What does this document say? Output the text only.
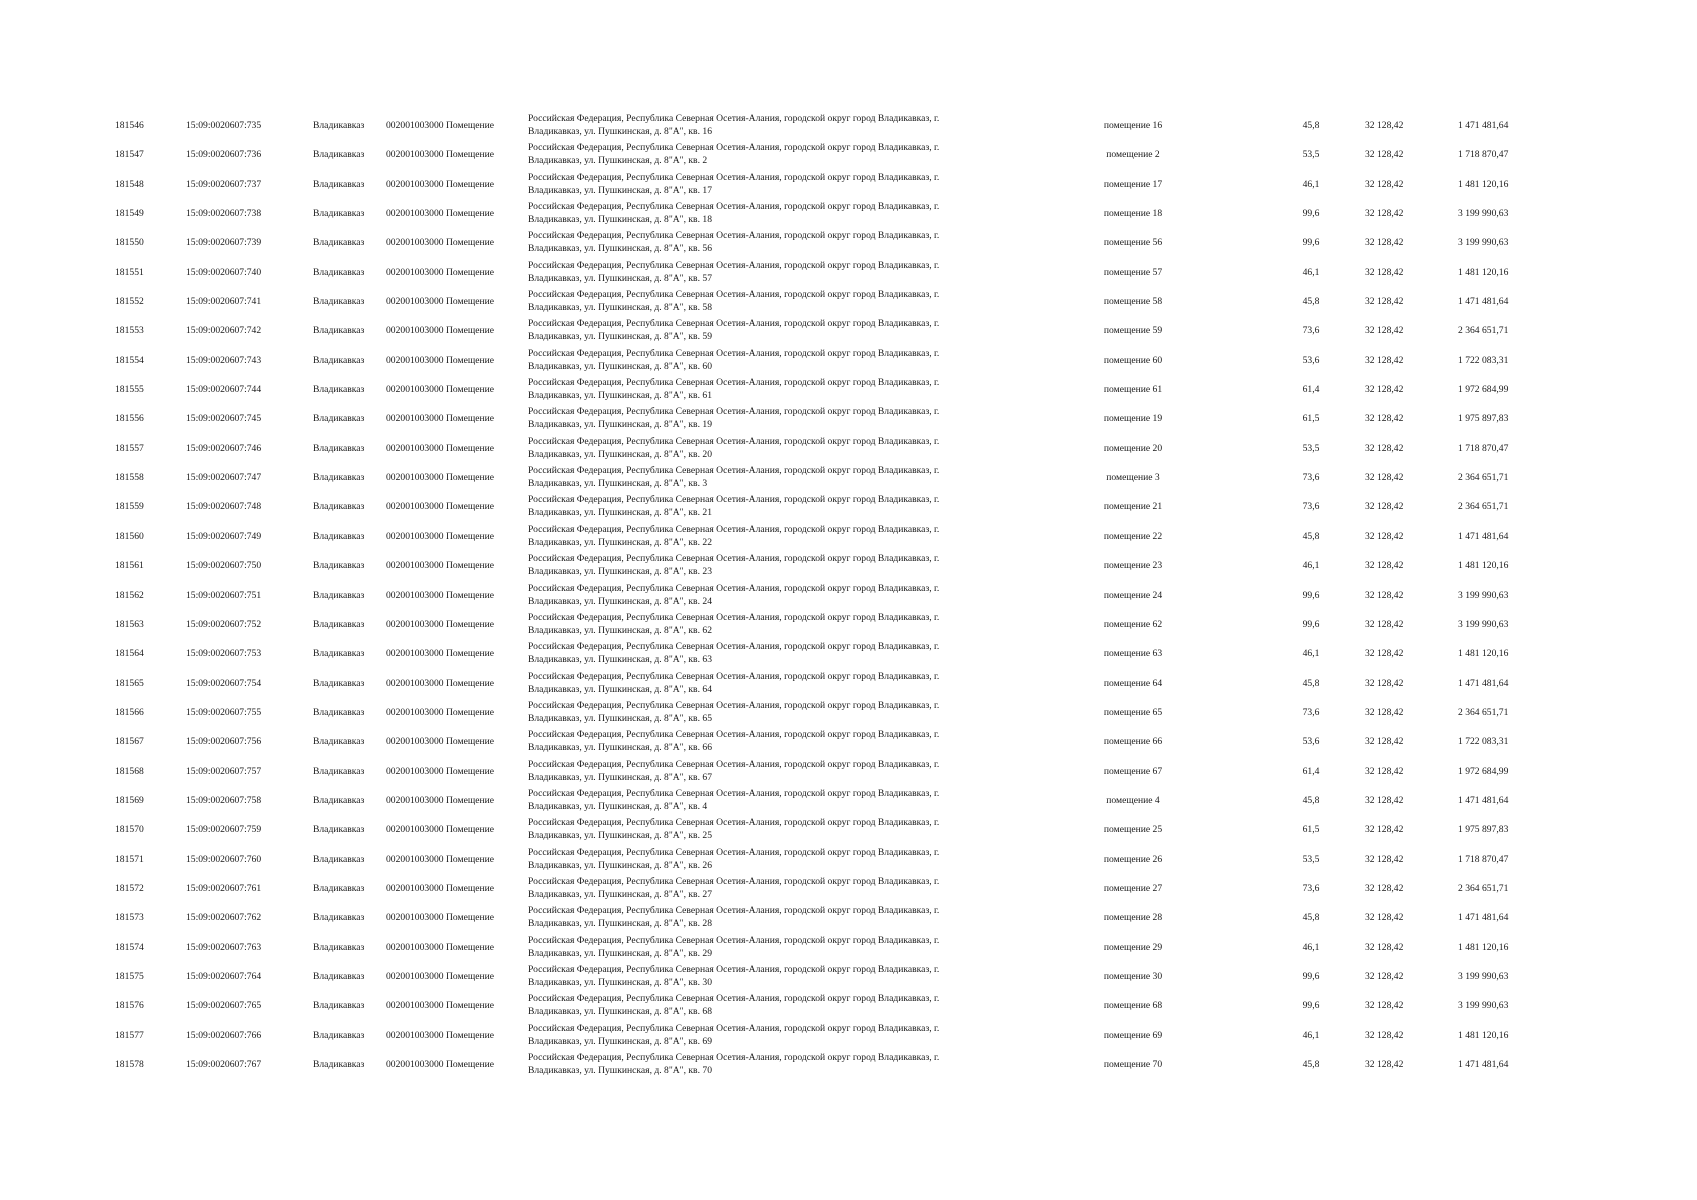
181546	15:09:0020607:735	Владикавказ 002001003000 Помещение
Российская Федерация, Республика Северная Осетия-Алания, городской округ город Владикавказ, г.
Владикавказ, ул. Пушкинская, д. 8"А", кв. 16
помещение 16	45,8	32 128,42	1 471 481,64
181547	15:09:0020607:736	Владикавказ 002001003000 Помещение
Российская Федерация, Республика Северная Осетия-Алания, городской округ город Владикавказ, г.
Владикавказ, ул. Пушкинская, д. 8"А", кв. 2
помещение 2	53,5	32 128,42	1 718 870,47
181548	15:09:0020607:737	Владикавказ 002001003000 Помещение
Российская Федерация, Республика Северная Осетия-Алания, городской округ город Владикавказ, г.
Владикавказ, ул. Пушкинская, д. 8"А", кв. 17
помещение 17	46,1	32 128,42	1 481 120,16
181549	15:09:0020607:738	Владикавказ 002001003000 Помещение
Российская Федерация, Республика Северная Осетия-Алания, городской округ город Владикавказ, г.
Владикавказ, ул. Пушкинская, д. 8"А", кв. 18
помещение 18	99,6	32 128,42	3 199 990,63
181550	15:09:0020607:739	Владикавказ 002001003000 Помещение
Российская Федерация, Республика Северная Осетия-Алания, городской округ город Владикавказ, г.
Владикавказ, ул. Пушкинская, д. 8"А", кв. 56
помещение 56	99,6	32 128,42	3 199 990,63
181551	15:09:0020607:740	Владикавказ 002001003000 Помещение
Российская Федерация, Республика Северная Осетия-Алания, городской округ город Владикавказ, г.
Владикавказ, ул. Пушкинская, д. 8"А", кв. 57
помещение 57	46,1	32 128,42	1 481 120,16
181552	15:09:0020607:741	Владикавказ 002001003000 Помещение
Российская Федерация, Республика Северная Осетия-Алания, городской округ город Владикавказ, г.
Владикавказ, ул. Пушкинская, д. 8"А", кв. 58
помещение 58	45,8	32 128,42	1 471 481,64
181553	15:09:0020607:742	Владикавказ 002001003000 Помещение
Российская Федерация, Республика Северная Осетия-Алания, городской округ город Владикавказ, г.
Владикавказ, ул. Пушкинская, д. 8"А", кв. 59
помещение 59	73,6	32 128,42	2 364 651,71
181554	15:09:0020607:743	Владикавказ 002001003000 Помещение
Российская Федерация, Республика Северная Осетия-Алания, городской округ город Владикавказ, г.
Владикавказ, ул. Пушкинская, д. 8"А", кв. 60
помещение 60	53,6	32 128,42	1 722 083,31
181555	15:09:0020607:744	Владикавказ 002001003000 Помещение
Российская Федерация, Республика Северная Осетия-Алания, городской округ город Владикавказ, г.
Владикавказ, ул. Пушкинская, д. 8"А", кв. 61
помещение 61	61,4	32 128,42	1 972 684,99
181556	15:09:0020607:745	Владикавказ 002001003000 Помещение
Российская Федерация, Республика Северная Осетия-Алания, городской округ город Владикавказ, г.
Владикавказ, ул. Пушкинская, д. 8"А", кв. 19
помещение 19	61,5	32 128,42	1 975 897,83
181557	15:09:0020607:746	Владикавказ 002001003000 Помещение
Российская Федерация, Республика Северная Осетия-Алания, городской округ город Владикавказ, г.
Владикавказ, ул. Пушкинская, д. 8"А", кв. 20
помещение 20	53,5	32 128,42	1 718 870,47
181558	15:09:0020607:747	Владикавказ 002001003000 Помещение
Российская Федерация, Республика Северная Осетия-Алания, городской округ город Владикавказ, г.
Владикавказ, ул. Пушкинская, д. 8"А", кв. 3
помещение 3	73,6	32 128,42	2 364 651,71
181559	15:09:0020607:748	Владикавказ 002001003000 Помещение
Российская Федерация, Республика Северная Осетия-Алания, городской округ город Владикавказ, г.
Владикавказ, ул. Пушкинская, д. 8"А", кв. 21
помещение 21	73,6	32 128,42	2 364 651,71
181560	15:09:0020607:749	Владикавказ 002001003000 Помещение
Российская Федерация, Республика Северная Осетия-Алания, городской округ город Владикавказ, г.
Владикавказ, ул. Пушкинская, д. 8"А", кв. 22
помещение 22	45,8	32 128,42	1 471 481,64
181561	15:09:0020607:750	Владикавказ 002001003000 Помещение
Российская Федерация, Республика Северная Осетия-Алания, городской округ город Владикавказ, г.
Владикавказ, ул. Пушкинская, д. 8"А", кв. 23
помещение 23	46,1	32 128,42	1 481 120,16
181562	15:09:0020607:751	Владикавказ 002001003000 Помещение
Российская Федерация, Республика Северная Осетия-Алания, городской округ город Владикавказ, г.
Владикавказ, ул. Пушкинская, д. 8"А", кв. 24
помещение 24	99,6	32 128,42	3 199 990,63
181563	15:09:0020607:752	Владикавказ 002001003000 Помещение
Российская Федерация, Республика Северная Осетия-Алания, городской округ город Владикавказ, г.
Владикавказ, ул. Пушкинская, д. 8"А", кв. 62
помещение 62	99,6	32 128,42	3 199 990,63
181564	15:09:0020607:753	Владикавказ 002001003000 Помещение
Российская Федерация, Республика Северная Осетия-Алания, городской округ город Владикавказ, г.
Владикавказ, ул. Пушкинская, д. 8"А", кв. 63
помещение 63	46,1	32 128,42	1 481 120,16
181565	15:09:0020607:754	Владикавказ 002001003000 Помещение
Российская Федерация, Республика Северная Осетия-Алания, городской округ город Владикавказ, г.
Владикавказ, ул. Пушкинская, д. 8"А", кв. 64
помещение 64	45,8	32 128,42	1 471 481,64
181566	15:09:0020607:755	Владикавказ 002001003000 Помещение
Российская Федерация, Республика Северная Осетия-Алания, городской округ город Владикавказ, г.
Владикавказ, ул. Пушкинская, д. 8"А", кв. 65
помещение 65	73,6	32 128,42	2 364 651,71
181567	15:09:0020607:756	Владикавказ 002001003000 Помещение
Российская Федерация, Республика Северная Осетия-Алания, городской округ город Владикавказ, г.
Владикавказ, ул. Пушкинская, д. 8"А", кв. 66
помещение 66	53,6	32 128,42	1 722 083,31
181568	15:09:0020607:757	Владикавказ 002001003000 Помещение
Российская Федерация, Республика Северная Осетия-Алания, городской округ город Владикавказ, г.
Владикавказ, ул. Пушкинская, д. 8"А", кв. 67
помещение 67	61,4	32 128,42	1 972 684,99
181569	15:09:0020607:758	Владикавказ 002001003000 Помещение
Российская Федерация, Республика Северная Осетия-Алания, городской округ город Владикавказ, г.
Владикавказ, ул. Пушкинская, д. 8"А", кв. 4
помещение 4	45,8	32 128,42	1 471 481,64
181570	15:09:0020607:759	Владикавказ 002001003000 Помещение
Российская Федерация, Республика Северная Осетия-Алания, городской округ город Владикавказ, г.
Владикавказ, ул. Пушкинская, д. 8"А", кв. 25
помещение 25	61,5	32 128,42	1 975 897,83
181571	15:09:0020607:760	Владикавказ 002001003000 Помещение
Российская Федерация, Республика Северная Осетия-Алания, городской округ город Владикавказ, г.
Владикавказ, ул. Пушкинская, д. 8"А", кв. 26
помещение 26	53,5	32 128,42	1 718 870,47
181572	15:09:0020607:761	Владикавказ 002001003000 Помещение
Российская Федерация, Республика Северная Осетия-Алания, городской округ город Владикавказ, г.
Владикавказ, ул. Пушкинская, д. 8"А", кв. 27
помещение 27	73,6	32 128,42	2 364 651,71
181573	15:09:0020607:762	Владикавказ 002001003000 Помещение
Российская Федерация, Республика Северная Осетия-Алания, городской округ город Владикавказ, г.
Владикавказ, ул. Пушкинская, д. 8"А", кв. 28
помещение 28	45,8	32 128,42	1 471 481,64
181574	15:09:0020607:763	Владикавказ 002001003000 Помещение
Российская Федерация, Республика Северная Осетия-Алания, городской округ город Владикавказ, г.
Владикавказ, ул. Пушкинская, д. 8"А", кв. 29
помещение 29	46,1	32 128,42	1 481 120,16
181575	15:09:0020607:764	Владикавказ 002001003000 Помещение
Российская Федерация, Республика Северная Осетия-Алания, городской округ город Владикавказ, г.
Владикавказ, ул. Пушкинская, д. 8"А", кв. 30
помещение 30	99,6	32 128,42	3 199 990,63
181576	15:09:0020607:765	Владикавказ 002001003000 Помещение
Российская Федерация, Республика Северная Осетия-Алания, городской округ город Владикавказ, г.
Владикавказ, ул. Пушкинская, д. 8"А", кв. 68
помещение 68	99,6	32 128,42	3 199 990,63
181577	15:09:0020607:766	Владикавказ 002001003000 Помещение
Российская Федерация, Республика Северная Осетия-Алания, городской округ город Владикавказ, г.
Владикавказ, ул. Пушкинская, д. 8"А", кв. 69
помещение 69	46,1	32 128,42	1 481 120,16
181578	15:09:0020607:767	Владикавказ 002001003000 Помещение
Российская Федерация, Республика Северная Осетия-Алания, городской округ город Владикавказ, г.
Владикавказ, ул. Пушкинская, д. 8"А", кв. 70
помещение 70	45,8	32 128,42	1 471 481,64
